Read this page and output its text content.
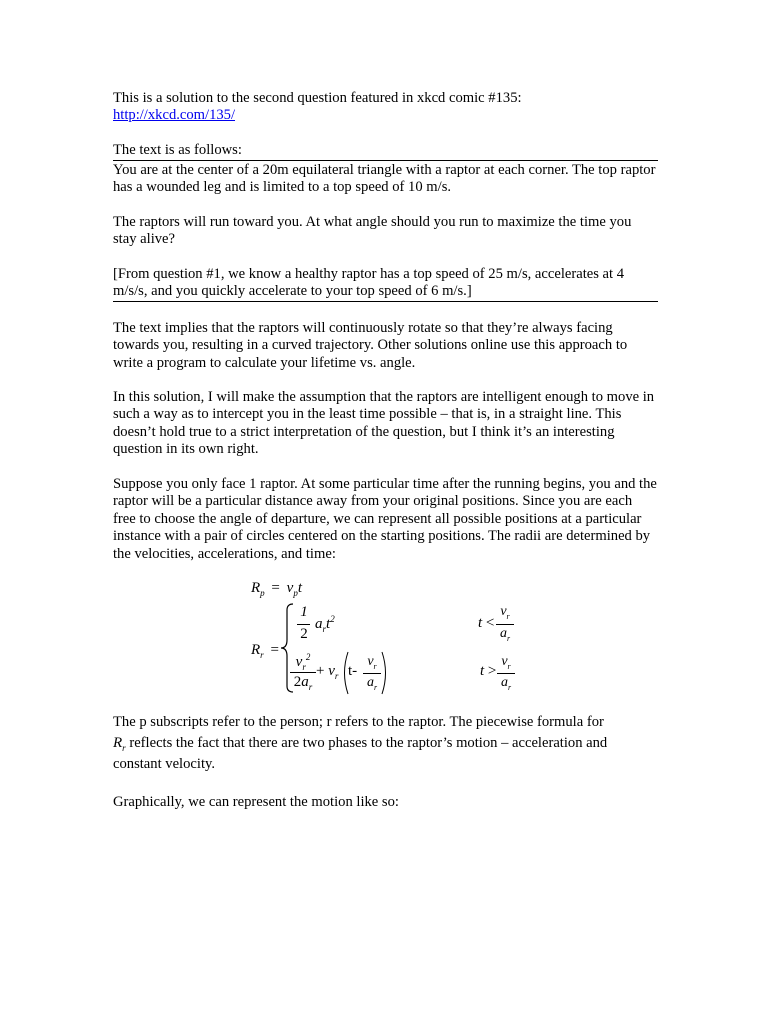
This is a solution to the second question featured in xkcd comic #135:

http://xkcd.com/135/

The text is as follows:

You are at the center of a 20m equilateral triangle with a raptor at each corner. The top raptor has a wounded leg and is limited to a top speed of 10 m/s.

The raptors will run toward you. At what angle should you run to maximize the time you stay alive?

[From question #1, we know a healthy raptor has a top speed of 25 m/s, accelerates at 4 m/s/s, and you quickly accelerate to your top speed of 6 m/s.]

The text implies that the raptors will continuously rotate so that they’re always facing towards you, resulting in a curved trajectory. Other solutions online use this approach to write a program to calculate your lifetime vs. angle.

In this solution, I will make the assumption that the raptors are intelligent enough to move in such a way as to intercept you in the least time possible – that is, in a straight line. This doesn’t hold true to a strict interpretation of the question, but I think it’s an interesting question in its own right.

Suppose you only face 1 raptor. At some particular time after the running begins, you and the raptor will be a particular distance away from your original positions. Since you are each free to choose the angle of departure, we can represent all possible positions at a particular instance with a pair of circles centered on the starting positions. The radii are determined by the velocities, accelerations, and time:

$R_p = v_pt$
$R_r$ =
1
2
$a_rt^2$
$v_r^2$
$2a_r$
+ $v_r$ t-
$v_r$
$a_r$
t <
$v_r$
$a_r$
t >
$v_r$
$a_r$

The p subscripts refer to the person; r refers to the raptor. The piecewise formula for

$R_r$ reflects the fact that there are two phases to the raptor’s motion – acceleration and

constant velocity.

Graphically, we can represent the motion like so:
